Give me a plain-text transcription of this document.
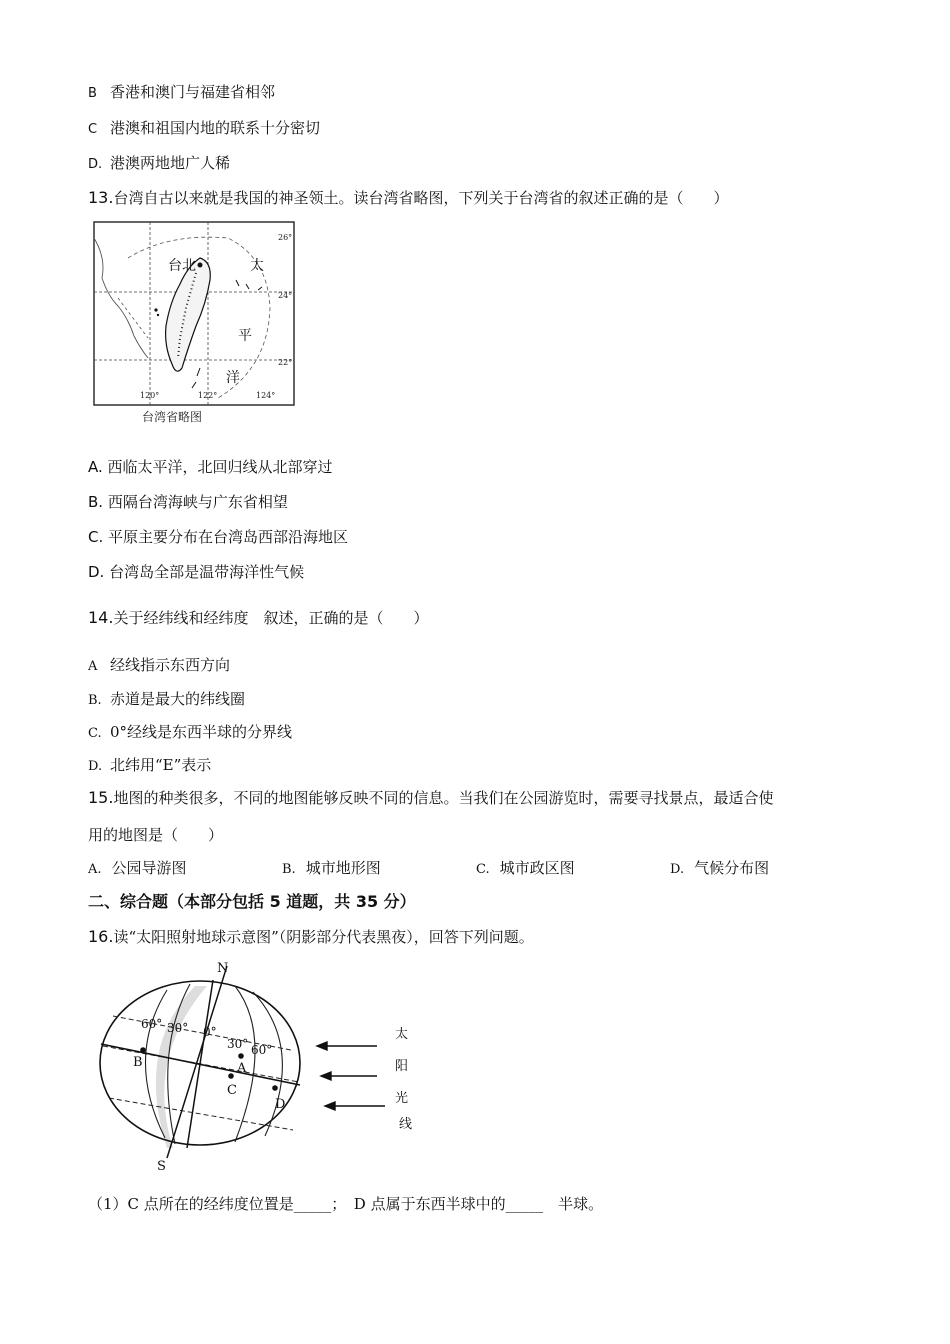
B 香港和澳门与福建省相邻
C 港澳和祖国内地的联系十分密切
D. 港澳两地地广人稀
13.台湾自古以来就是我国的神圣领土。读台湾省略图，下列关于台湾省的叙述正确的是（　　）
台北	太
平
洋
26°
24°
22°
120°	122°	124°
台湾省略图
A. 西临太平洋，北回归线从北部穿过
B. 西隔台湾海峡与广东省相望
C. 平原主要分布在台湾岛西部沿海地区
D. 台湾岛全部是温带海洋性气候
14.关于经纬线和经纬度　叙述，正确的是（　　）
A 经线指示东西方向
B. 赤道是最大的纬线圈
C. 0°经线是东西半球的分界线
D. 北纬用“E”表示
15.地图的种类很多，不同的地图能够反映不同的信息。当我们在公园游览时，需要寻找景点，最适合使
用的地图是（　　）
A. 公园导游图	B. 城市地形图	C. 城市政区图	D. 气候分布图
二、综合题（本部分包括 5 道题，共 35 分）
16.读“太阳照射地球示意图”（阴影部分代表黑夜），回答下列问题。
N
S
A
B
C
D
60° 30° 0°
30° 60°
太
阳
光
线
（1）C 点所在的经纬度位置是_____；　D 点属于东西半球中的_____　半球。
